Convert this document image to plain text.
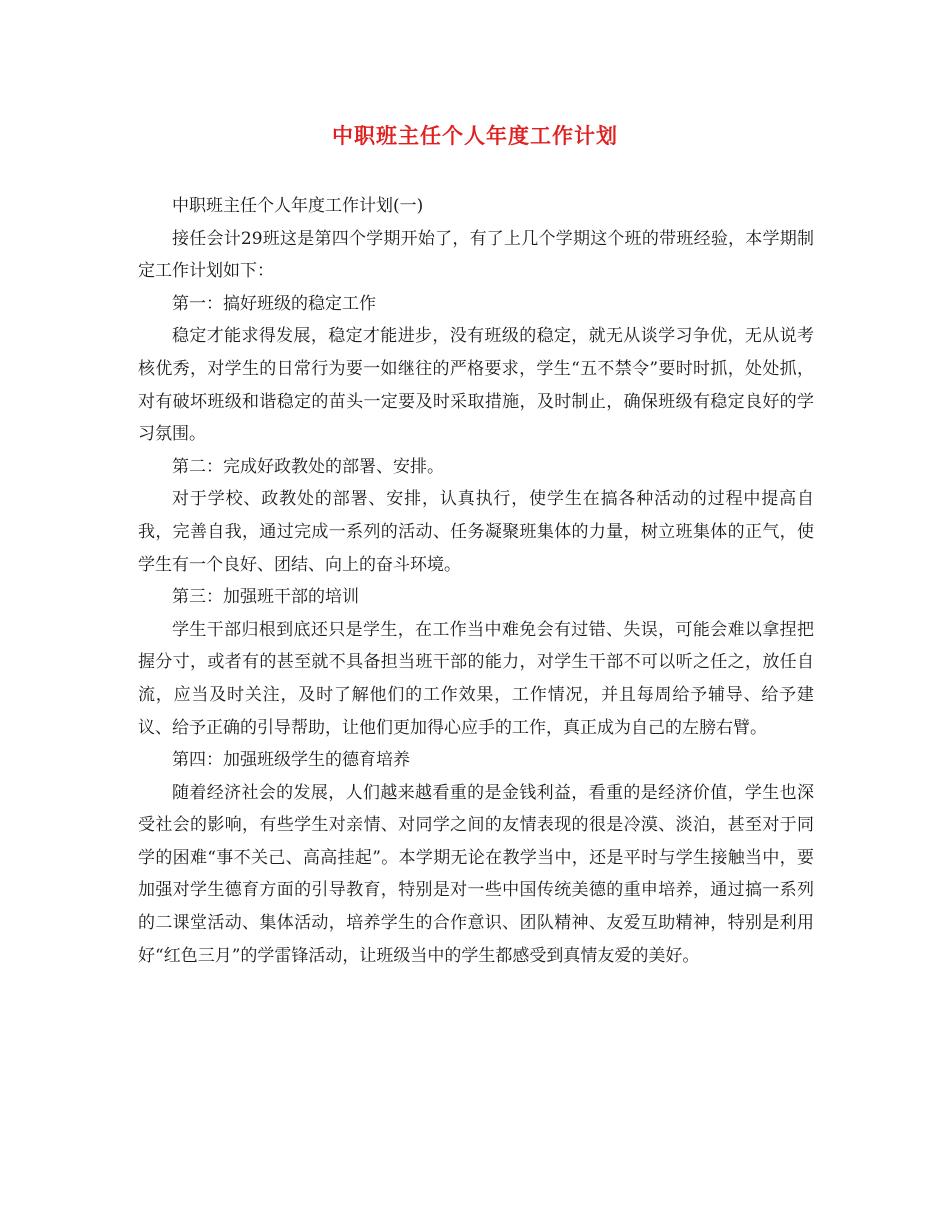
中职班主任个人年度工作计划

中职班主任个人年度工作计划(一)

接任会计29班这是第四个学期开始了，有了上几个学期这个班的带班经验，本学期制定工作计划如下：

第一：搞好班级的稳定工作

稳定才能求得发展，稳定才能进步，没有班级的稳定，就无从谈学习争优，无从说考核优秀，对学生的日常行为要一如继往的严格要求，学生“五不禁令”要时时抓，处处抓，对有破坏班级和谐稳定的苗头一定要及时采取措施，及时制止，确保班级有稳定良好的学习氛围。

第二：完成好政教处的部署、安排。

对于学校、政教处的部署、安排，认真执行，使学生在搞各种活动的过程中提高自我，完善自我，通过完成一系列的活动、任务凝聚班集体的力量，树立班集体的正气，使学生有一个良好、团结、向上的奋斗环境。

第三：加强班干部的培训

学生干部归根到底还只是学生，在工作当中难免会有过错、失误，可能会难以拿捏把握分寸，或者有的甚至就不具备担当班干部的能力，对学生干部不可以听之任之，放任自流，应当及时关注，及时了解他们的工作效果，工作情况，并且每周给予辅导、给予建议、给予正确的引导帮助，让他们更加得心应手的工作，真正成为自己的左膀右臂。

第四：加强班级学生的德育培养

随着经济社会的发展，人们越来越看重的是金钱利益，看重的是经济价值，学生也深受社会的影响，有些学生对亲情、对同学之间的友情表现的很是冷漠、淡泊，甚至对于同学的困难“事不关己、高高挂起”。本学期无论在教学当中，还是平时与学生接触当中，要加强对学生德育方面的引导教育，特别是对一些中国传统美德的重申培养，通过搞一系列的二课堂活动、集体活动，培养学生的合作意识、团队精神、友爱互助精神，特别是利用好“红色三月”的学雷锋活动，让班级当中的学生都感受到真情友爱的美好。
